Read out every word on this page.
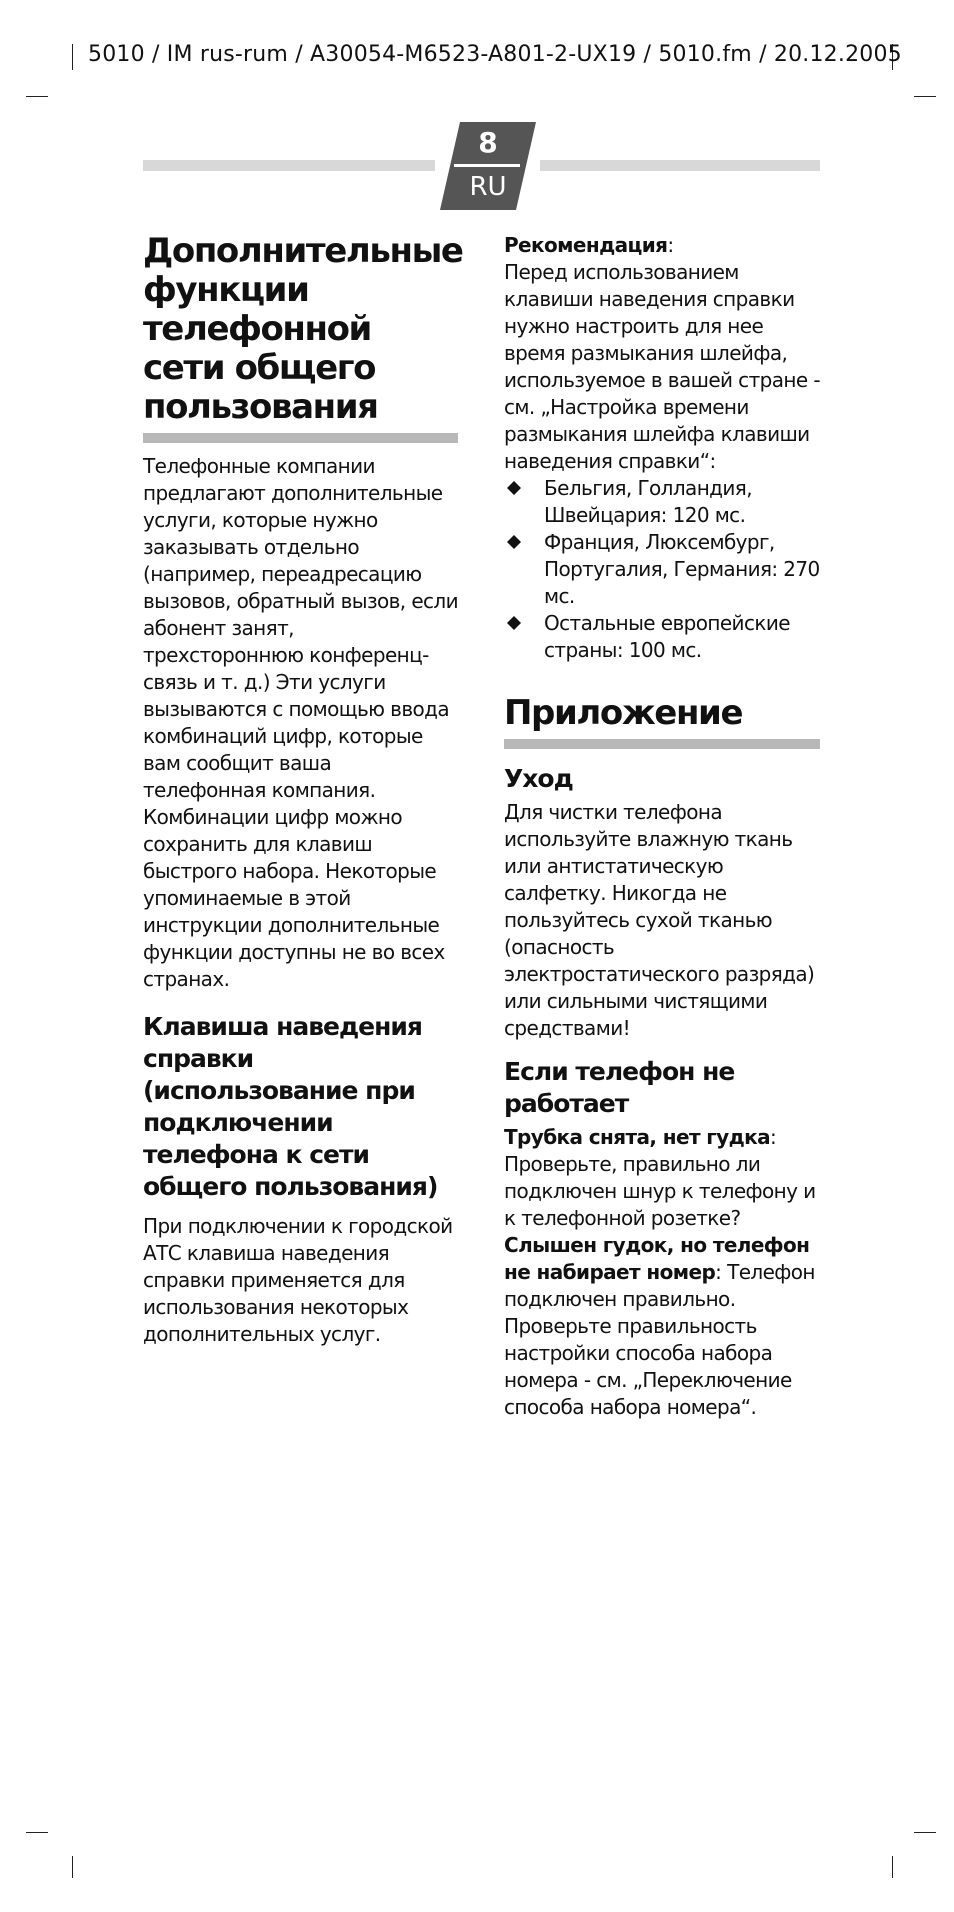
5010 / IM rus-rum / A30054-M6523-A801-2-UX19 / 5010.fm / 20.12.2005
8
RU
Дополнительные функции телефонной сети общего пользования

Телефонные компании предлагают дополнительные услуги, которые нужно заказывать отдельно (например, переадресацию вызовов, обратный вызов, если абонент занят, трехстороннюю конференц-связь и т. д.) Эти услуги вызываются с помощью ввода комбинаций цифр, которые вам сообщит ваша телефонная компания. Комбинации цифр можно сохранить для клавиш быстрого набора. Некоторые упоминаемые в этой инструкции дополнительные функции доступны не во всех странах.

Клавиша наведения справки (использование при подключении телефона к сети общего пользования)

При подключении к городской АТС клавиша наведения справки применяется для использования некоторых дополнительных услуг.

Рекомендация:

Перед использованием клавиши наведения справки нужно настроить для нее время размыкания шлейфа, используемое в вашей стране - см. „Настройка времени размыкания шлейфа клавиши наведения справки“:

Бельгия, Голландия, Швейцария: 120 мс.
Франция, Люксембург, Португалия, Германия: 270 мс.
Остальные европейские страны: 100 мс.
Приложение
Уход

Для чистки телефона используйте влажную ткань или антистатическую салфетку. Никогда не пользуйтесь сухой тканью (опасность электростатического разряда) или сильными чистящими средствами!

Если телефон не работает

Трубка снята, нет гудка: Проверьте, правильно ли подключен шнур к телефону и к телефонной розетке?

Слышен гудок, но телефон не набирает номер: Телефон подключен правильно. Проверьте правильность настройки способа набора номера - см. „Переключение способа набора номера“.
